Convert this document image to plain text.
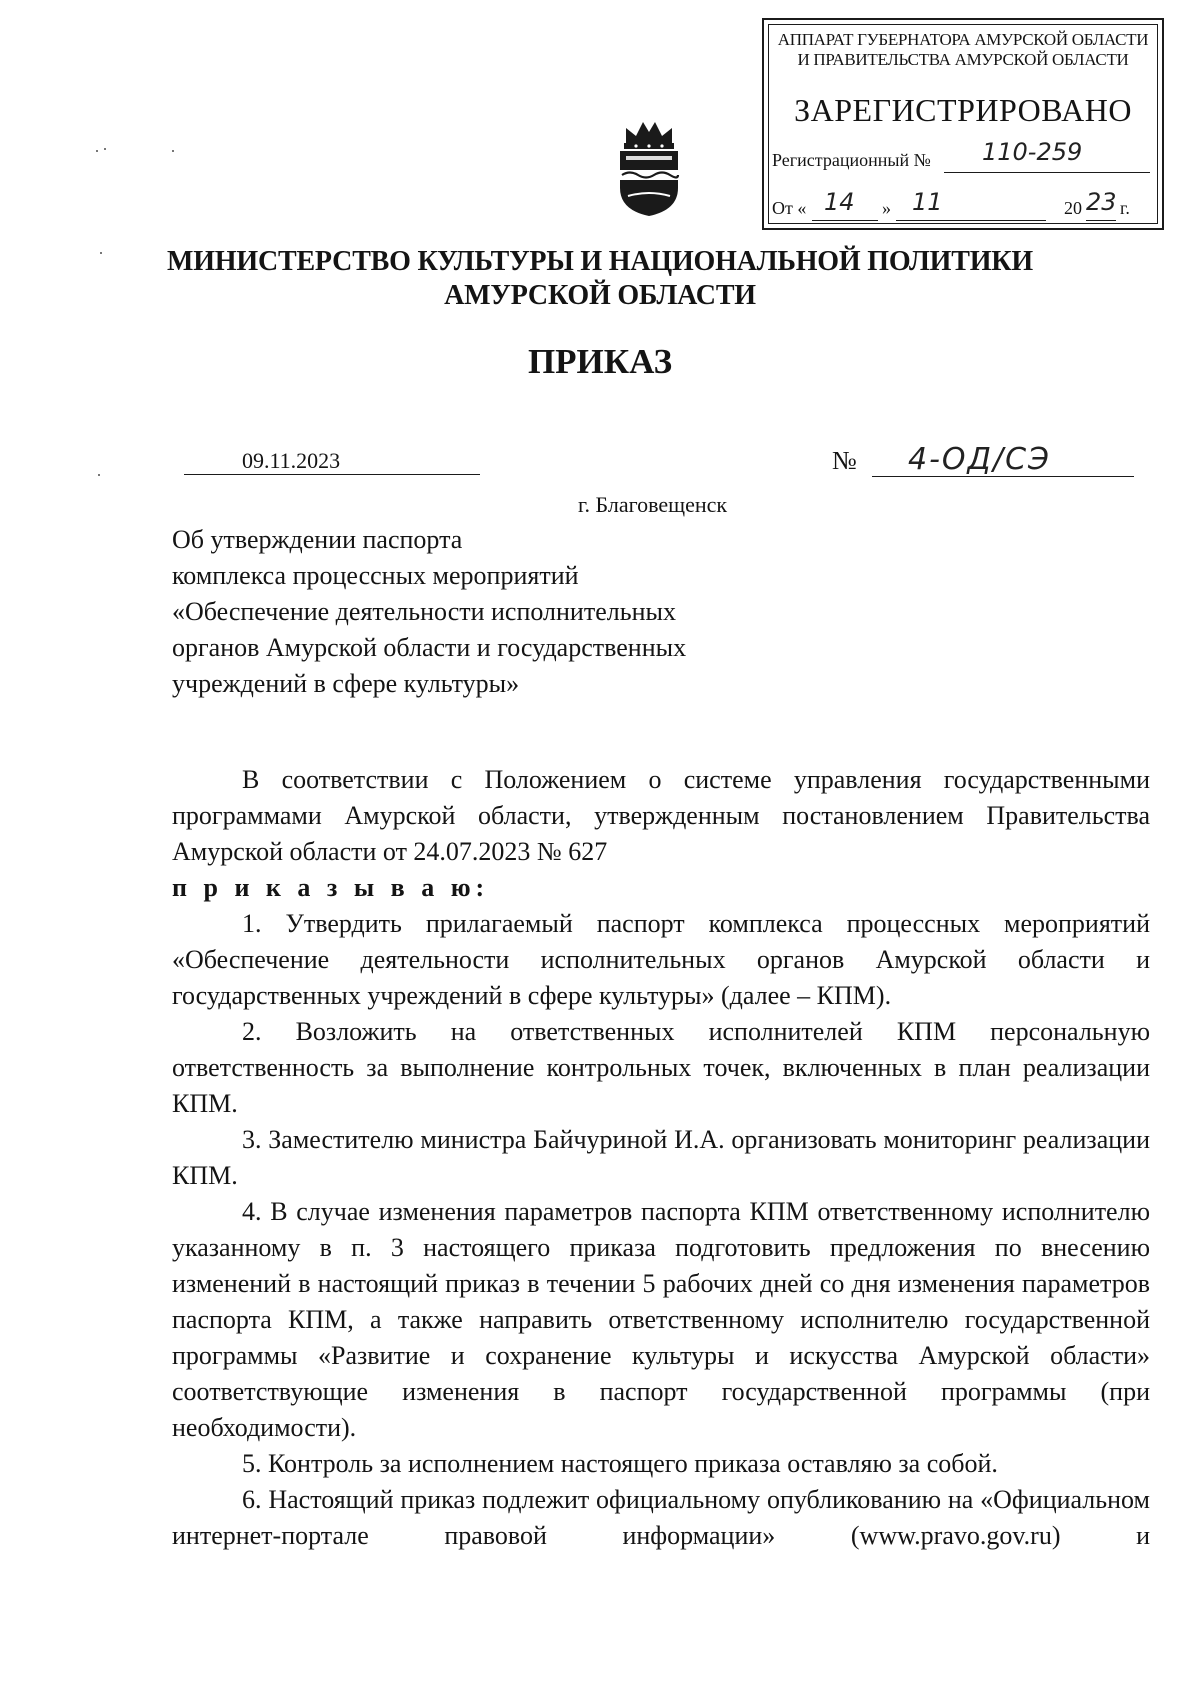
АППАРАТ ГУБЕРНАТОРА АМУРСКОЙ ОБЛАСТИ
И ПРАВИТЕЛЬСТВА АМУРСКОЙ ОБЛАСТИ
ЗАРЕГИСТРИРОВАНО
Регистрационный № 110-259
От « 14 » 11	20 23 г.
МИНИСТЕРСТВО КУЛЬТУРЫ И НАЦИОНАЛЬНОЙ ПОЛИТИКИ
АМУРСКОЙ ОБЛАСТИ
ПРИКАЗ
09.11.2023	№ 4-ОД/СЭ
г. Благовещенск
Об утверждении паспорта
комплекса процессных мероприятий
«Обеспечение деятельности исполнительных
органов Амурской области и государственных
учреждений в сфере культуры»

В соответствии с Положением о системе управления государственными программами Амурской области, утвержденным постановлением Правительства Амурской области от 24.07.2023 № 627

п р и к а з ы в а ю:

1. Утвердить прилагаемый паспорт комплекса процессных мероприятий «Обеспечение деятельности исполнительных органов Амурской области и государственных учреждений в сфере культуры» (далее – КПМ).

2. Возложить на ответственных исполнителей КПМ персональную ответственность за выполнение контрольных точек, включенных в план реализации КПМ.

3. Заместителю министра Байчуриной И.А. организовать мониторинг реализации КПМ.

4. В случае изменения параметров паспорта КПМ ответственному исполнителю указанному в п. 3 настоящего приказа подготовить предложения по внесению изменений в настоящий приказ в течении 5 рабочих дней со дня изменения параметров паспорта КПМ, а также направить ответственному исполнителю государственной программы «Развитие и сохранение культуры и искусства Амурской области» соответствующие изменения в паспорт государственной программы (при необходимости).

5. Контроль за исполнением настоящего приказа оставляю за собой.

6. Настоящий приказ подлежит официальному опубликованию на «Официальном интернет-портале правовой информации» (www.pravo.gov.ru) и
